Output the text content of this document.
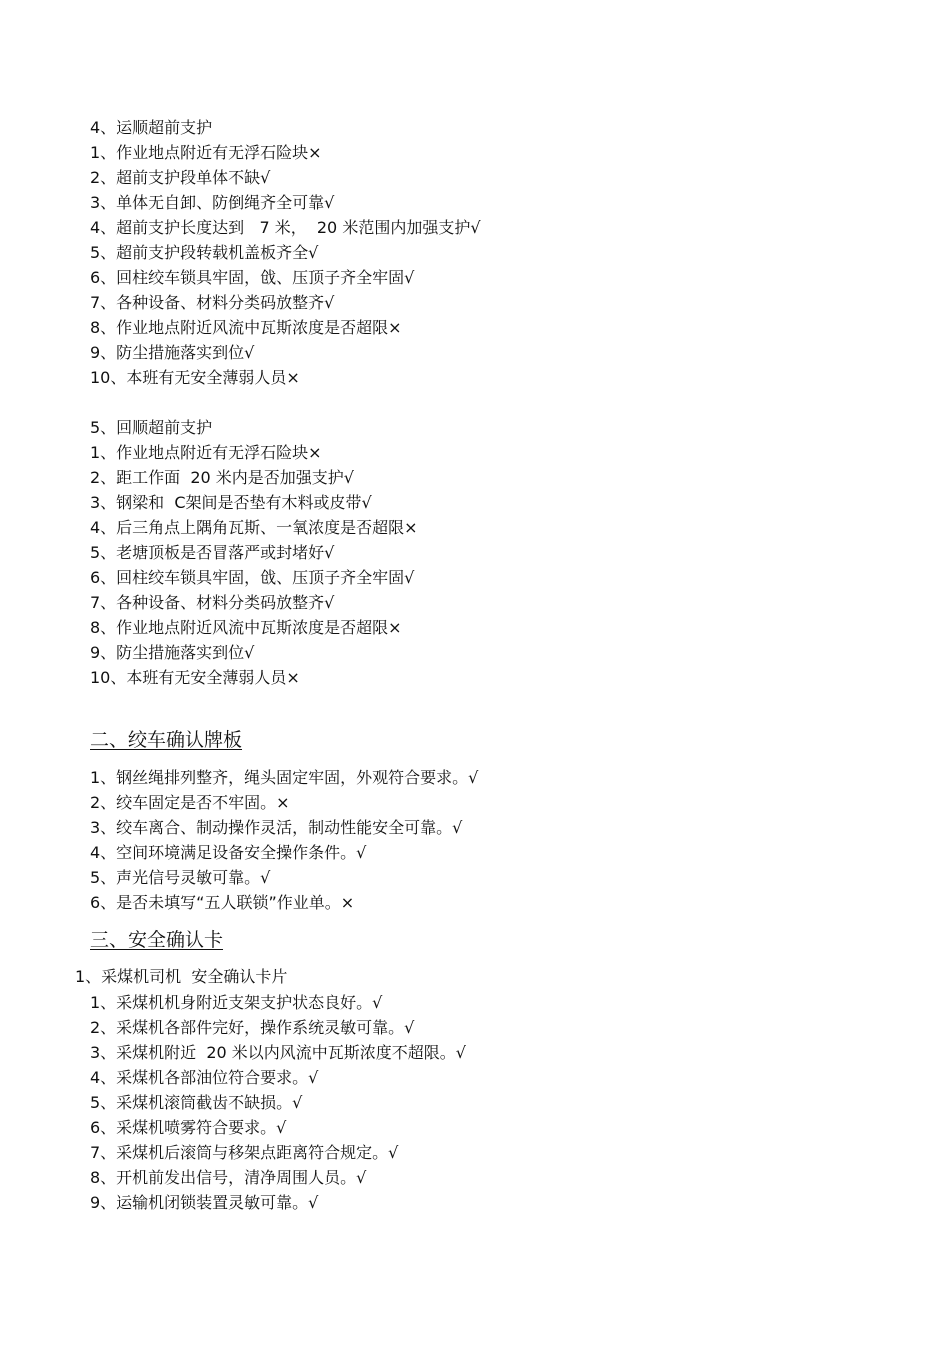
4、运顺超前支护
1、作业地点附近有无浮石险块×
2、超前支护段单体不缺√
3、单体无自卸、防倒绳齐全可靠√
4、超前支护长度达到   7 米，  20 米范围内加强支护√
5、超前支护段转载机盖板齐全√
6、回柱绞车锁具牢固，戗、压顶子齐全牢固√
7、各种设备、材料分类码放整齐√
8、作业地点附近风流中瓦斯浓度是否超限×
9、防尘措施落实到位√
10、本班有无安全薄弱人员×
5、回顺超前支护
1、作业地点附近有无浮石险块×
2、距工作面  20 米内是否加强支护√
3、钢梁和  C架间是否垫有木料或皮带√
4、后三角点上隅角瓦斯、一氧浓度是否超限×
5、老塘顶板是否冒落严或封堵好√
6、回柱绞车锁具牢固，戗、压顶子齐全牢固√
7、各种设备、材料分类码放整齐√
8、作业地点附近风流中瓦斯浓度是否超限×
9、防尘措施落实到位√
10、本班有无安全薄弱人员×
二、绞车确认牌板
1、钢丝绳排列整齐，绳头固定牢固，外观符合要求。√
2、绞车固定是否不牢固。×
3、绞车离合、制动操作灵活，制动性能安全可靠。√
4、空间环境满足设备安全操作条件。√
5、声光信号灵敏可靠。√
6、是否未填写“五人联锁”作业单。×
三、安全确认卡
1、采煤机司机  安全确认卡片
1、采煤机机身附近支架支护状态良好。√
2、采煤机各部件完好，操作系统灵敏可靠。√
3、采煤机附近  20 米以内风流中瓦斯浓度不超限。√
4、采煤机各部油位符合要求。√
5、采煤机滚筒截齿不缺损。√
6、采煤机喷雾符合要求。√
7、采煤机后滚筒与移架点距离符合规定。√
8、开机前发出信号，清净周围人员。√
9、运输机闭锁装置灵敏可靠。√
